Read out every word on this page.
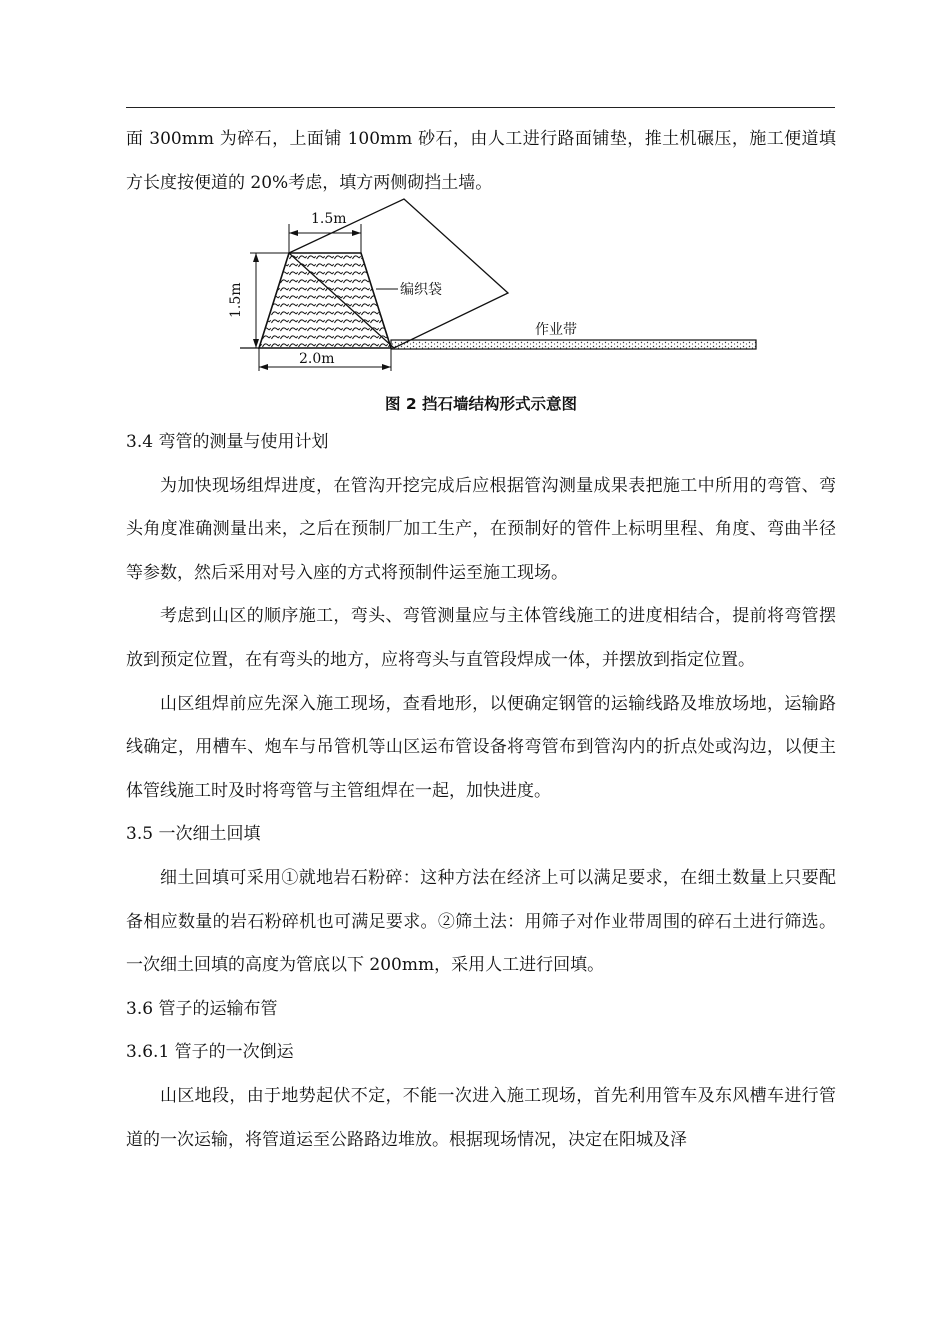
面 300mm 为碎石，上面铺 100mm 砂石，由人工进行路面铺垫，推土机碾压，施工便道填方长度按便道的 20%考虑，填方两侧砌挡土墙。

1.5m
1.5m
2.0m
编织袋
作业带
图 2 挡石墙结构形式示意图

3.4 弯管的测量与使用计划

为加快现场组焊进度，在管沟开挖完成后应根据管沟测量成果表把施工中所用的弯管、弯头角度准确测量出来，之后在预制厂加工生产，在预制好的管件上标明里程、角度、弯曲半径等参数，然后采用对号入座的方式将预制件运至施工现场。

考虑到山区的顺序施工，弯头、弯管测量应与主体管线施工的进度相结合，提前将弯管摆放到预定位置，在有弯头的地方，应将弯头与直管段焊成一体，并摆放到指定位置。

山区组焊前应先深入施工现场，查看地形，以便确定钢管的运输线路及堆放场地，运输路线确定，用槽车、炮车与吊管机等山区运布管设备将弯管布到管沟内的折点处或沟边，以便主体管线施工时及时将弯管与主管组焊在一起，加快进度。

3.5 一次细土回填

细土回填可采用①就地岩石粉碎：这种方法在经济上可以满足要求，在细土数量上只要配备相应数量的岩石粉碎机也可满足要求。②筛土法：用筛子对作业带周围的碎石土进行筛选。一次细土回填的高度为管底以下 200mm，采用人工进行回填。

3.6 管子的运输布管

3.6.1 管子的一次倒运

山区地段，由于地势起伏不定，不能一次进入施工现场，首先利用管车及东风槽车进行管道的一次运输，将管道运至公路路边堆放。根据现场情况，决定在阳城及泽
